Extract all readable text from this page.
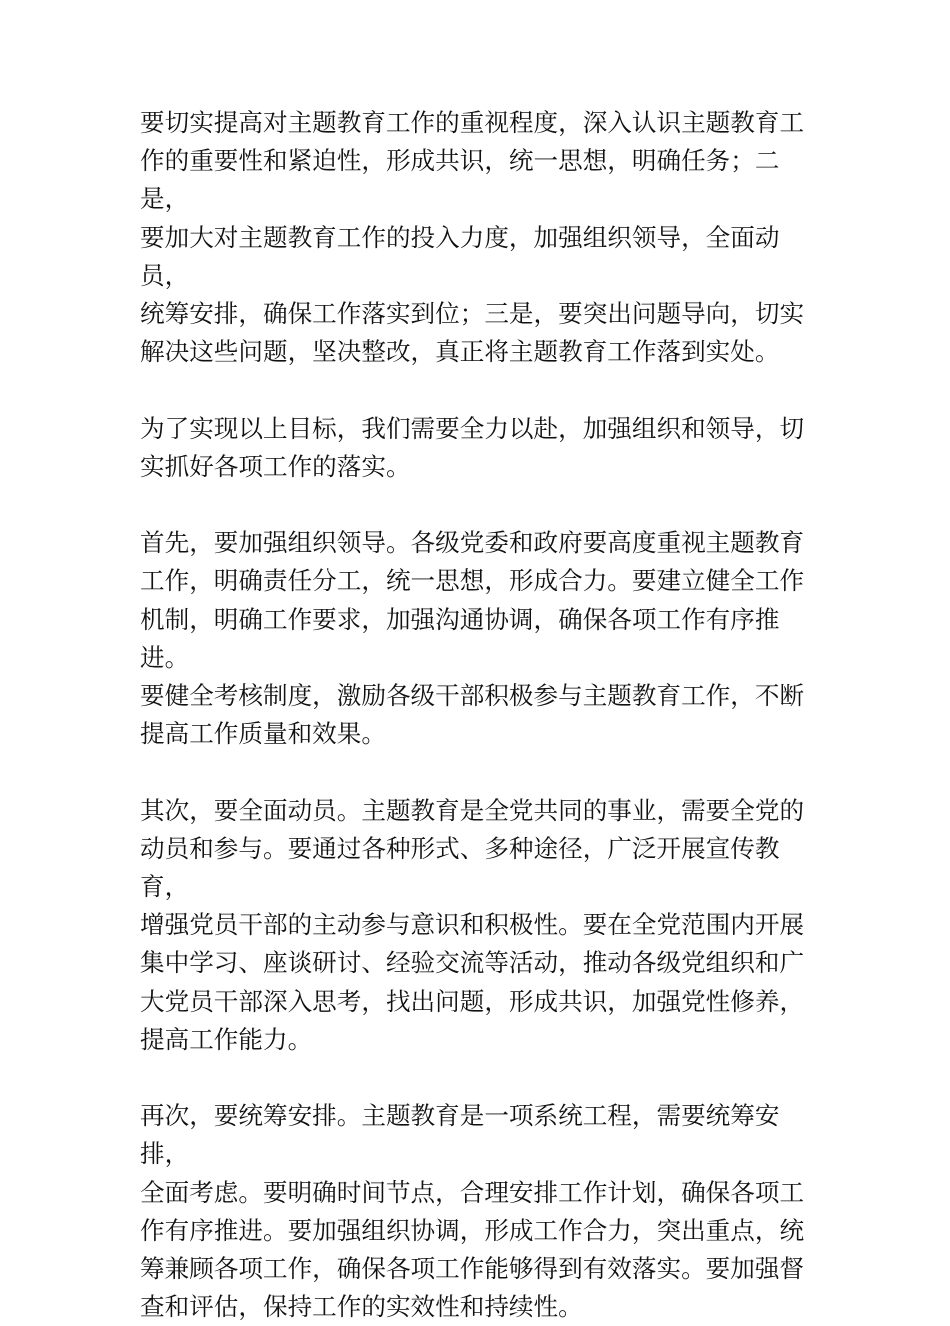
要切实提高对主题教育工作的重视程度，深入认识主题教育工
作的重要性和紧迫性，形成共识，统一思想，明确任务；二是，
要加大对主题教育工作的投入力度，加强组织领导，全面动员，
统筹安排，确保工作落实到位；三是，要突出问题导向，切实
解决这些问题，坚决整改，真正将主题教育工作落到实处。

为了实现以上目标，我们需要全力以赴，加强组织和领导，切
实抓好各项工作的落实。

首先，要加强组织领导。各级党委和政府要高度重视主题教育
工作，明确责任分工，统一思想，形成合力。要建立健全工作
机制，明确工作要求，加强沟通协调，确保各项工作有序推进。
要健全考核制度，激励各级干部积极参与主题教育工作，不断
提高工作质量和效果。

其次，要全面动员。主题教育是全党共同的事业，需要全党的
动员和参与。要通过各种形式、多种途径，广泛开展宣传教育，
增强党员干部的主动参与意识和积极性。要在全党范围内开展
集中学习、座谈研讨、经验交流等活动，推动各级党组织和广
大党员干部深入思考，找出问题，形成共识，加强党性修养，
提高工作能力。

再次，要统筹安排。主题教育是一项系统工程，需要统筹安排，
全面考虑。要明确时间节点，合理安排工作计划，确保各项工
作有序推进。要加强组织协调，形成工作合力，突出重点，统
筹兼顾各项工作，确保各项工作能够得到有效落实。要加强督
查和评估，保持工作的实效性和持续性。
